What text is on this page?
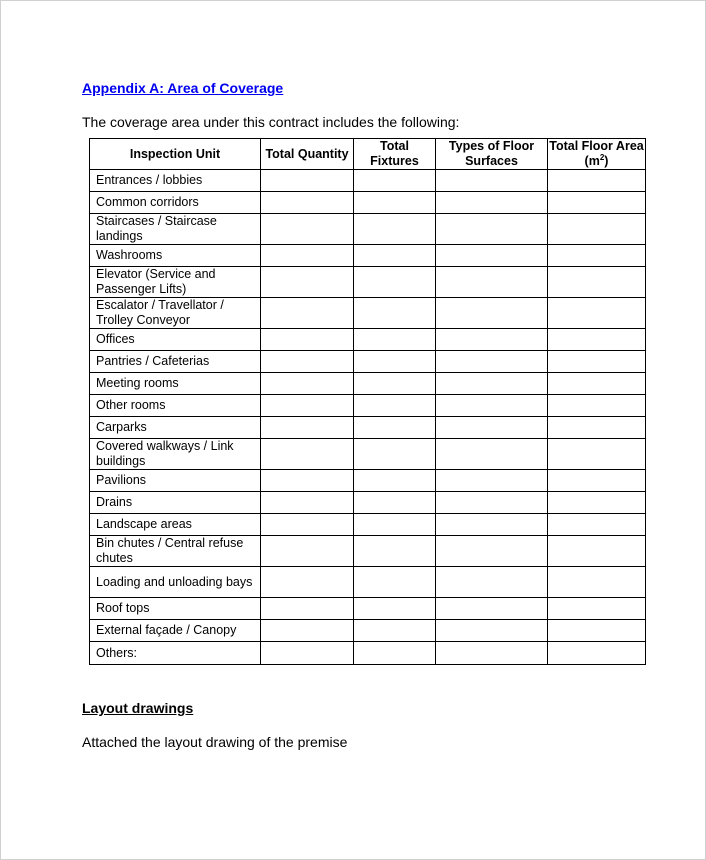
Appendix A: Area of Coverage
The coverage area under this contract includes the following:
Inspection Unit	Total Quantity	Total Fixtures	Types of Floor Surfaces	Total Floor Area $(m^2)$
Entrances / lobbies				
Common corridors				
Staircases / Staircase landings				
Washrooms				
Elevator (Service and Passenger Lifts)				
Escalator / Travellator / Trolley Conveyor				
Offices				
Pantries / Cafeterias				
Meeting rooms				
Other rooms				
Carparks				
Covered walkways / Link buildings				
Pavilions				
Drains				
Landscape areas				
Bin chutes / Central refuse chutes				
Loading and unloading bays				
Roof tops				
External façade / Canopy				
Others:				
Layout drawings
Attached the layout drawing of the premise
